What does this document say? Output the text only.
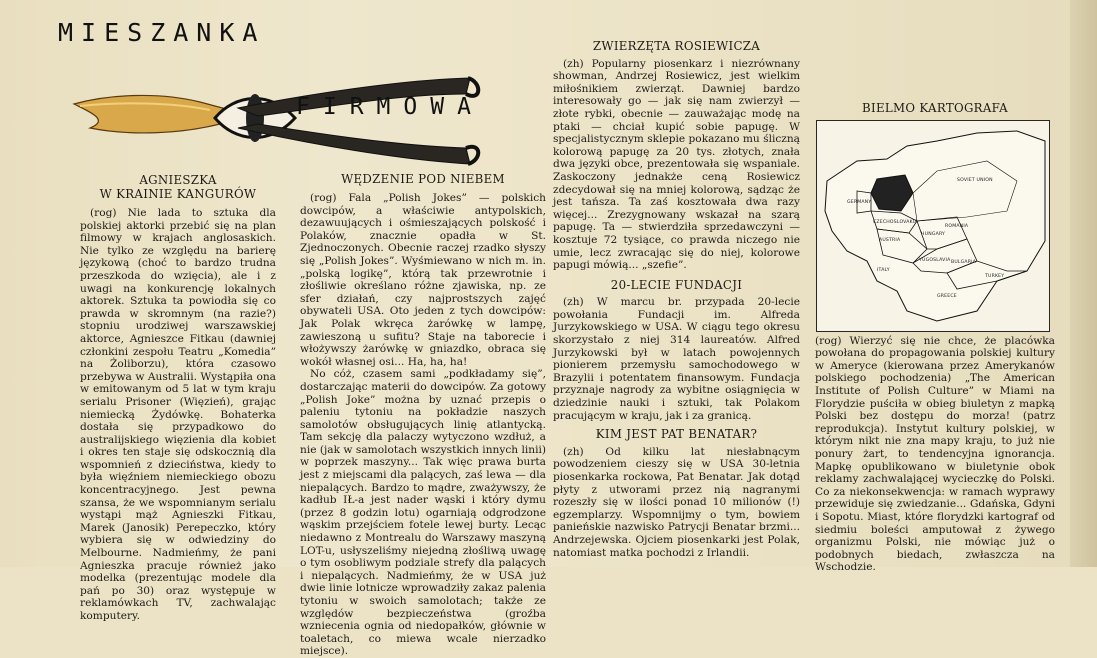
MIESZANKA
FIRMOWA
AGNIESZKA
W KRAINIE KANGURÓW

(rog) Nie lada to sztuka dla polskiej aktorki przebić się na plan filmowy w krajach anglosaskich. Nie tylko ze względu na barierę językową (choć to bardzo trudna przeszkoda do wzięcia), ale i z uwagi na konkurencję lokalnych aktorek. Sztuka ta powiodła się co prawda w skromnym (na razie?) stopniu urodziwej warszawskiej aktorce, Agnieszce Fitkau (dawniej członkini zespołu Teatru „Komedia” na Żoliborzu), która czasowo przebywa w Australii. Wystąpiła ona w emitowanym od 5 lat w tym kraju serialu Prisoner (Więzień), grając niemiecką Żydówkę. Bohaterka dostała się przypadkowo do australijskiego więzienia dla kobiet i okres ten staje się odskocznią dla wspomnień z dzieciństwa, kiedy to była więźniem niemieckiego obozu koncentracyjnego. Jest pewna szansa, że we wspomnianym serialu wystąpi mąż Agnieszki Fitkau, Marek (Janosik) Perepeczko, który wybiera się w odwiedziny do Melbourne. Nadmieńmy, że pani Agnieszka pracuje również jako modelka (prezentując modele dla pań po 30) oraz występuje w reklamówkach TV, zachwalając komputery.

WĘDZENIE POD NIEBEM

(rog) Fala „Polish Jokes” — polskich dowcipów, a właściwie antypolskich, dezawuujących i ośmieszających polskość i Polaków, znacznie opadła w St. Zjednoczonych. Obecnie raczej rzadko słyszy się „Polish Jokes”. Wyśmiewano w nich m. in. „polską logikę”, którą tak przewrotnie i złośliwie określano różne zjawiska, np. ze sfer działań, czy najprostszych zajęć obywateli USA. Oto jeden z tych dowcipów: Jak Polak wkręca żarówkę w lampę, zawieszoną u sufitu? Staje na taborecie i włożywszy żarówkę w gniazdko, obraca się wokół własnej osi... Ha, ha, ha!

No cóż, czasem sami „podkładamy się”, dostarczając materii do dowcipów. Za gotowy „Polish Joke” można by uznać przepis o paleniu tytoniu na pokładzie naszych samolotów obsługujących linię atlantycką. Tam sekcję dla palaczy wytyczono wzdłuż, a nie (jak w samolotach wszystkich innych linii) w poprzek maszyny... Tak więc prawa burta jest z miejscami dla palących, zaś lewa — dla niepalących. Bardzo to mądre, zważywszy, że kadłub IŁ-a jest nader wąski i który dymu (przez 8 godzin lotu) ogarniają odgrodzone wąskim przejściem fotele lewej burty. Lecąc niedawno z Montrealu do Warszawy maszyną LOT-u, usłyszeliśmy niejedną złośliwą uwagę o tym osobliwym podziale strefy dla palących i niepalących. Nadmieńmy, że w USA już dwie linie lotnicze wprowadziły zakaz palenia tytoniu w swoich samolotach; także ze względów bezpieczeństwa (groźba wzniecenia ognia od niedopałków, głównie w toaletach, co miewa wcale nierzadko miejsce).

ZWIERZĘTA ROSIEWICZA

(zh) Popularny piosenkarz i niezrównany showman, Andrzej Rosiewicz, jest wielkim miłośnikiem zwierząt. Dawniej bardzo interesowały go — jak się nam zwierzył — złote rybki, obecnie — zauważając modę na ptaki — chciał kupić sobie papugę. W specjalistycznym sklepie pokazano mu śliczną kolorową papugę za 20 tys. złotych, znała dwa języki obce, prezentowała się wspaniale. Zaskoczony jednakże ceną Rosiewicz zdecydował się na mniej kolorową, sądząc że jest tańsza. Ta zaś kosztowała dwa razy więcej... Zrezygnowany wskazał na szarą papugę. Ta — stwierdziła sprzedawczyni — kosztuje 72 tysiące, co prawda niczego nie umie, lecz zwracając się do niej, kolorowe papugi mówią... „szefie”.

20-LECIE FUNDACJI

(zh) W marcu br. przypada 20-lecie powołania Fundacji im. Alfreda Jurzykowskiego w USA. W ciągu tego okresu skorzystało z niej 314 laureatów. Alfred Jurzykowski był w latach powojennych pionierem przemysłu samochodowego w Brazylii i potentatem finansowym. Fundacja przyznaje nagrody za wybitne osiągnięcia w dziedzinie nauki i sztuki, tak Polakom pracującym w kraju, jak i za granicą.

KIM JEST PAT BENATAR?

(zh) Od kilku lat niesłabnącym powodzeniem cieszy się w USA 30-letnia piosenkarka rockowa, Pat Benatar. Jak dotąd płyty z utworami przez nią nagranymi rozeszły się w ilości ponad 10 milionów (!) egzemplarzy. Wspomnijmy o tym, bowiem panieńskie nazwisko Patrycji Benatar brzmi... Andrzejewska. Ojciem piosenkarki jest Polak, natomiast matka pochodzi z Irlandii.

BIELMO KARTOGRAFA

(rog) Wierzyć się nie chce, że placówka powołana do propagowania polskiej kultury w Ameryce (kierowana przez Amerykanów polskiego pochodzenia) „The American Institute of Polish Culture” w Miami na Florydzie puściła w obieg biuletyn z mapką Polski bez dostępu do morza! (patrz reprodukcja). Instytut kultury polskiej, w którym nikt nie zna mapy kraju, to już nie ponury żart, to tendencyjna ignorancja. Mapkę opublikowano w biuletynie obok reklamy zachwalającej wycieczkę do Polski. Co za niekonsekwencja: w ramach wyprawy przewiduje się zwiedzanie... Gdańska, Gdyni i Sopotu. Miast, które florydzki kartograf od siedmiu boleści amputował z żywego organizmu Polski, nie mówiąc już o podobnych biedach, zwłaszcza na Wschodzie.

POLAND
SOVIET UNION
CZECHOSLOVAKIA
AUSTRIA
HUNGARY
ROMANIA
YUGOSLAVIA BULGARIA
TURKEY
GREECE
ITALY
GERMANY
